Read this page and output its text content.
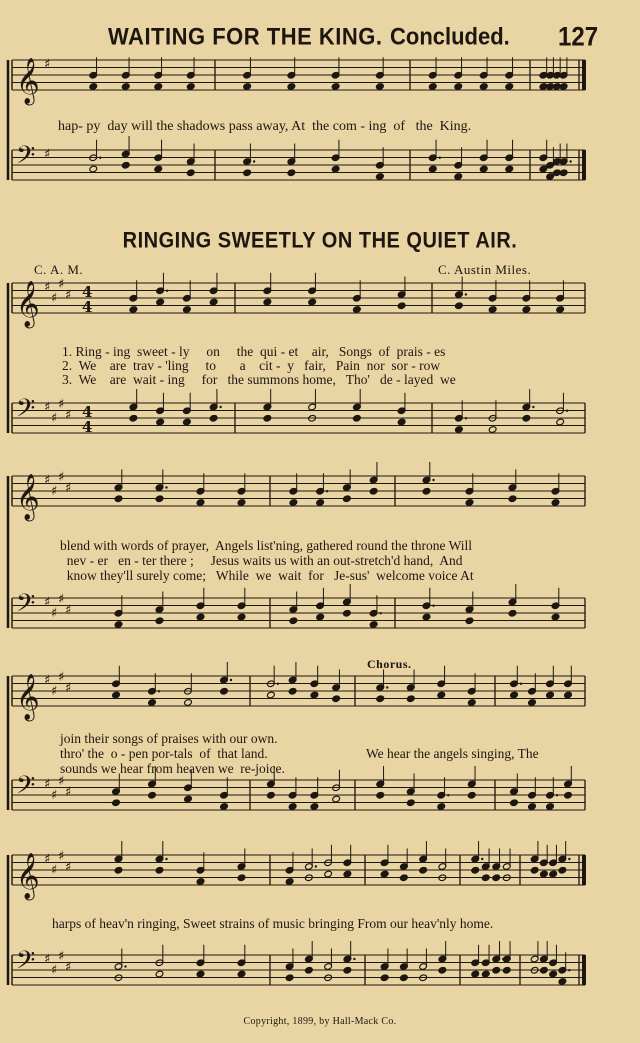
WAITING FOR THE KING. Concluded. 127
𝄞 ♯
𝄢 ♯
𝄞 ♯
♯
♯
♯ 4
4
𝄢 ♯
♯
♯
♯ 4
4
𝄞 ♯
♯
♯
♯
𝄢 ♯
♯
♯
♯
𝄞 ♯
♯
♯
♯
𝄢 ♯
♯
♯
♯
𝄞 ♯
♯
♯
♯
𝄢 ♯
♯
♯
♯
hap- py  day will the shadows pass away, At  the com - ing  of   the  King.
RINGING SWEETLY ON THE QUIET AIR.
C. A. M.	C. Austin Miles.
1. Ring - ing  sweet - ly     on     the  qui - et    air,   Songs  of  prais - es
2.  We    are  trav - 'ling     to       a    cit -  y   fair,   Pain  nor  sor - row
3.  We    are  wait - ing     for   the summons home,   Tho'   de - layed  we
blend with words of prayer,  Angels list'ning, gathered round the throne Will
nev - er   en - ter there ;     Jesus waits us with an out-stretch'd hand,  And
know they'll surely come;   While  we  wait  for   Je-sus'  welcome voice At
join their songs of praises with our own.
thro' the  o - pen por-tals  of  that land.
sounds we hear from heaven we  re-joice.
Chorus.
We hear the angels singing, The
harps of heav'n ringing, Sweet strains of music bringing From our heav'nly home.
Copyright, 1899, by Hall-Mack Co.
